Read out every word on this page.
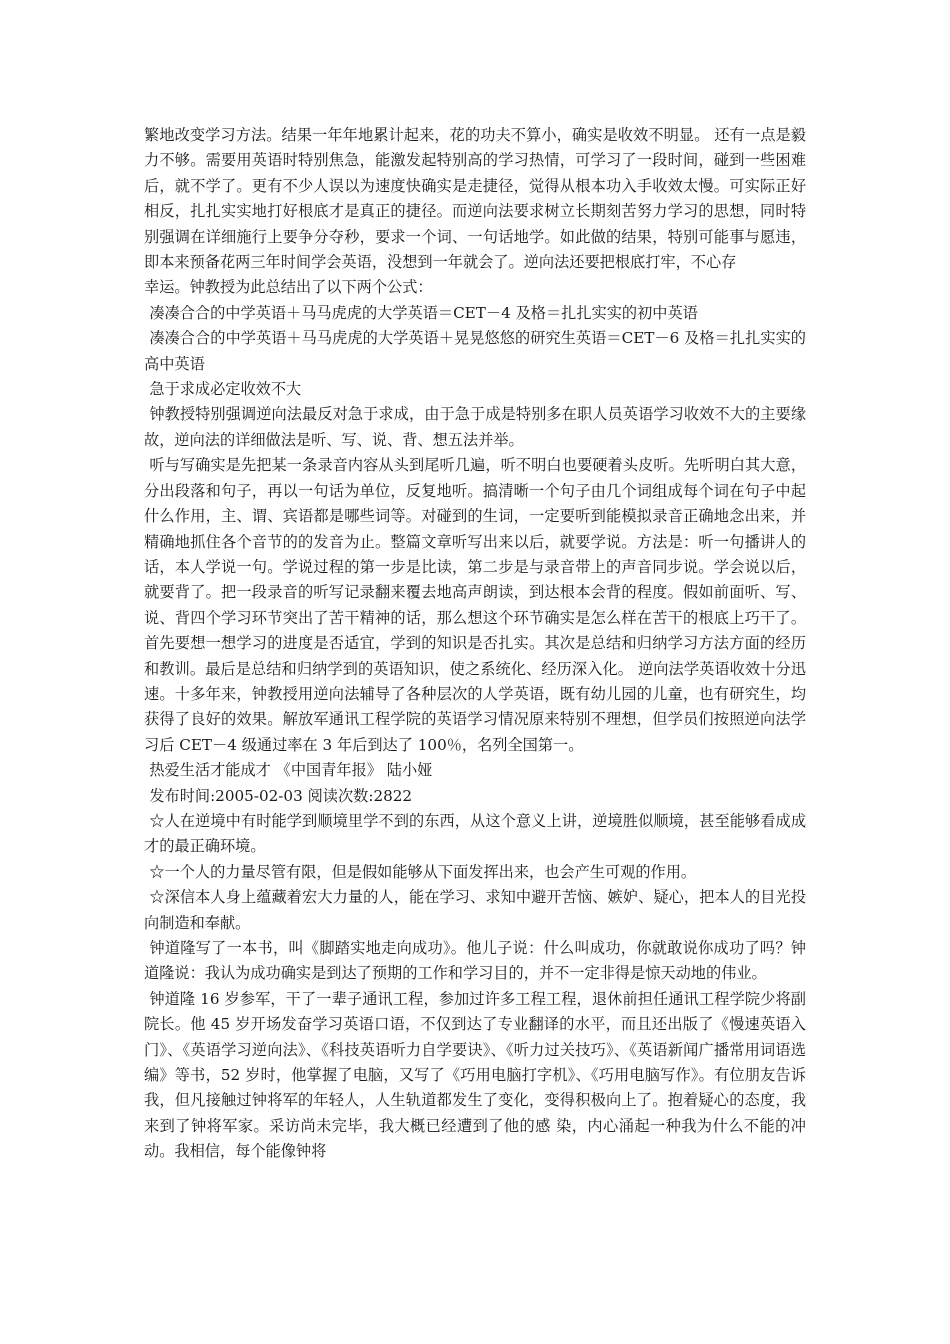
繁地改变学习方法。结果一年年地累计起来，花的功夫不算小，确实是收效不明显。 还有一点是毅力不够。需要用英语时特别焦急，能激发起特别高的学习热情，可学习了一段时间，碰到一些困难后，就不学了。更有不少人误以为速度快确实是走捷径，觉得从根本功入手收效太慢。可实际正好相反，扎扎实实地打好根底才是真正的捷径。而逆向法要求树立长期刻苦努力学习的思想，同时特别强调在详细施行上要争分夺秒，要求一个词、一句话地学。如此做的结果，特别可能事与愿违，即本来预备花两三年时间学会英语，没想到一年就会了。逆向法还要把根底打牢，不心存

幸运。钟教授为此总结出了以下两个公式：

凑凑合合的中学英语＋马马虎虎的大学英语＝CET－4 及格＝扎扎实实的初中英语

凑凑合合的中学英语＋马马虎虎的大学英语＋晃晃悠悠的研究生英语＝CET－6 及格＝扎扎实实的高中英语

急于求成必定收效不大

钟教授特别强调逆向法最反对急于求成，由于急于成是特别多在职人员英语学习收效不大的主要缘故，逆向法的详细做法是听、写、说、背、想五法并举。

听与写确实是先把某一条录音内容从头到尾听几遍，听不明白也要硬着头皮听。先听明白其大意，分出段落和句子，再以一句话为单位，反复地听。搞清晰一个句子由几个词组成每个词在句子中起什么作用，主、谓、宾语都是哪些词等。对碰到的生词，一定要听到能模拟录音正确地念出来，并精确地抓住各个音节的的发音为止。整篇文章听写出来以后，就要学说。方法是：听一句播讲人的话，本人学说一句。学说过程的第一步是比读，第二步是与录音带上的声音同步说。学会说以后，就要背了。把一段录音的听写记录翻来覆去地高声朗读，到达根本会背的程度。假如前面听、写、说、背四个学习环节突出了苦干精神的话，那么想这个环节确实是怎么样在苦干的根底上巧干了。首先要想一想学习的进度是否适宜，学到的知识是否扎实。其次是总结和归纳学习方法方面的经历和教训。最后是总结和归纳学到的英语知识，使之系统化、经历深入化。 逆向法学英语收效十分迅速。十多年来，钟教授用逆向法辅导了各种层次的人学英语，既有幼儿园的儿童，也有研究生，均获得了良好的效果。解放军通讯工程学院的英语学习情况原来特别不理想，但学员们按照逆向法学习后 CET－4 级通过率在 3 年后到达了 100％，名列全国第一。

热爱生活才能成才 《中国青年报》 陆小娅

发布时间:2005-02-03 阅读次数:2822

☆人在逆境中有时能学到顺境里学不到的东西，从这个意义上讲，逆境胜似顺境，甚至能够看成成才的最正确环境。

☆一个人的力量尽管有限，但是假如能够从下面发挥出来，也会产生可观的作用。

☆深信本人身上蕴藏着宏大力量的人，能在学习、求知中避开苦恼、嫉妒、疑心，把本人的目光投向制造和奉献。

钟道隆写了一本书，叫《脚踏实地走向成功》。他儿子说：什么叫成功，你就敢说你成功了吗？钟道隆说：我认为成功确实是到达了预期的工作和学习目的，并不一定非得是惊天动地的伟业。

钟道隆 16 岁参军，干了一辈子通讯工程，参加过许多工程工程，退休前担任通讯工程学院少将副院长。他 45 岁开场发奋学习英语口语，不仅到达了专业翻译的水平，而且还出版了《慢速英语入门》、《英语学习逆向法》、《科技英语听力自学要诀》、《听力过关技巧》、《英语新闻广播常用词语选编》等书，52 岁时，他掌握了电脑，又写了《巧用电脑打字机》、《巧用电脑写作》。有位朋友告诉我，但凡接触过钟将军的年轻人，人生轨道都发生了变化，变得积极向上了。抱着疑心的态度，我来到了钟将军家。采访尚未完毕，我大概已经遭到了他的感 染，内心涌起一种我为什么不能的冲动。我相信，每个能像钟将
